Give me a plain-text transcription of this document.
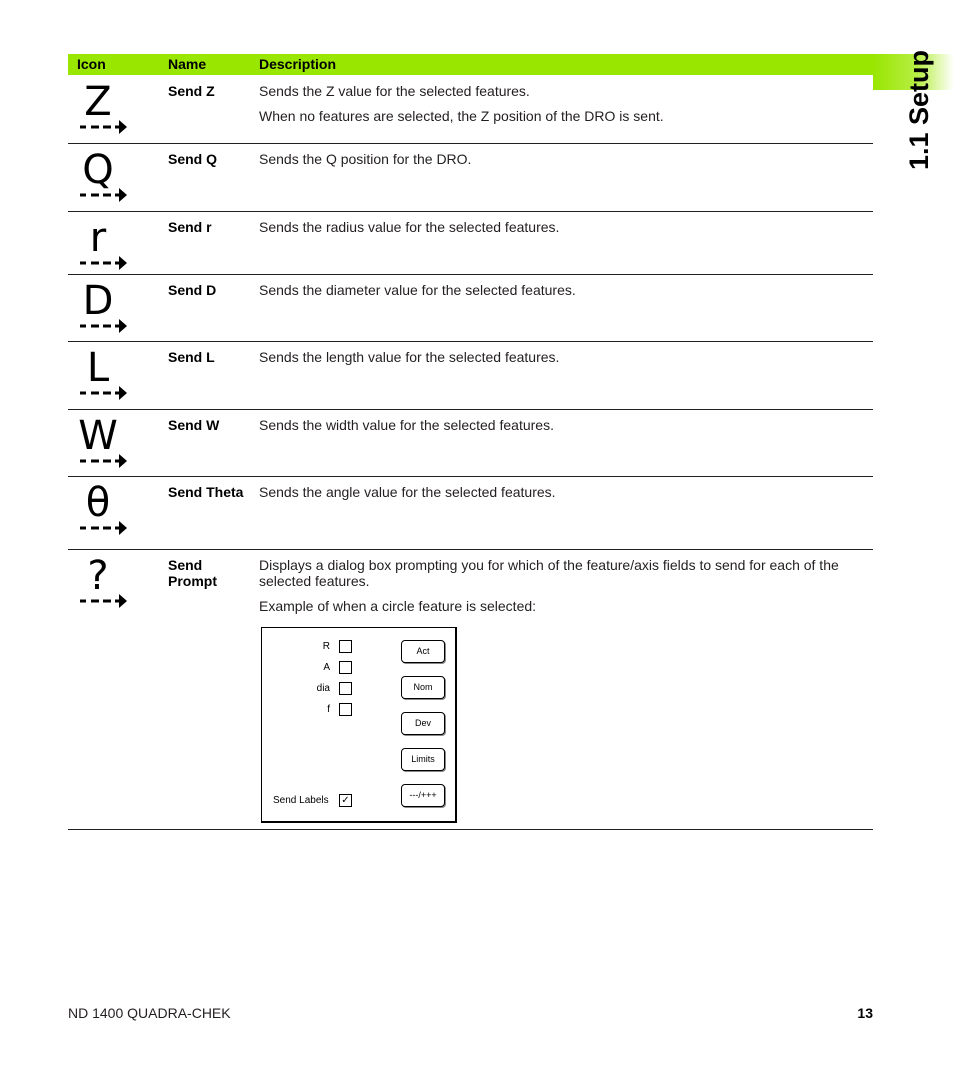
Icon	Name	Description	1.1 Setup
Z	Send Z	Sends the Z value for the selected features.

When no features are selected, the Z position of the DRO is sent.

Q	Send Q	Sends the Q position for the DRO.

r	Send r	Sends the radius value for the selected features.

D	Send D	Sends the diameter value for the selected features.

L	Send L	Sends the length value for the selected features.

W	Send W	Sends the width value for the selected features.

θ	Send Theta	Sends the angle value for the selected features.

?	Send Prompt

Displays a dialog box prompting you for which of the feature/axis fields to send for each of the selected features.

Example of when a circle feature is selected:

R
A
dia
f
Send Labels ✓
Act
Nom
Dev
Limits
---/+++
ND 1400 QUADRA-CHEK	13
